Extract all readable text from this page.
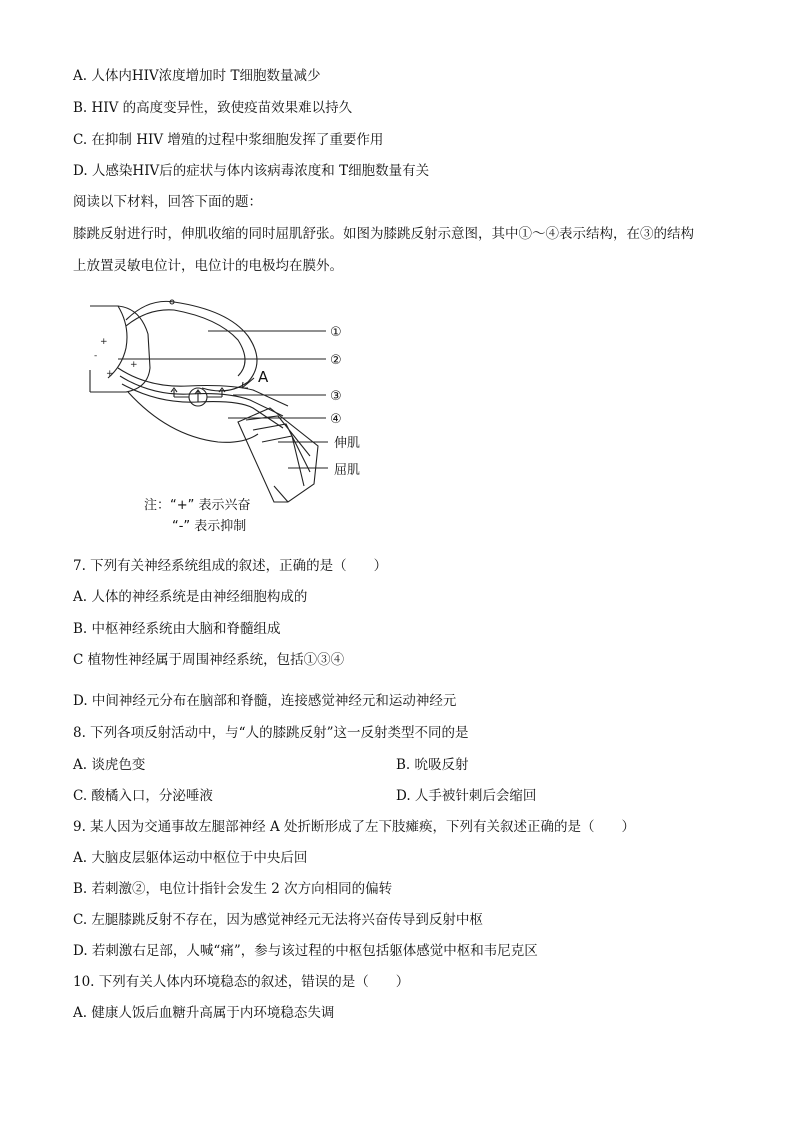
A. 人体内HIV浓度增加时 T细胞数量减少
B. HIV 的高度变异性，致使疫苗效果难以持久
C. 在抑制 HIV 增殖的过程中浆细胞发挥了重要作用
D. 人感染HIV后的症状与体内该病毒浓度和 T细胞数量有关
阅读以下材料，回答下面的题：
膝跳反射进行时，伸肌收缩的同时屈肌舒张。如图为膝跳反射示意图，其中①～④表示结构，在③的结构
上放置灵敏电位计，电位计的电极均在膜外。
+
+
+
-
①
②
③
④
伸肌
屈肌
A
注：“+” 表示兴奋
“-” 表示抑制
7. 下列有关神经系统组成的叙述，正确的是（　　）
A. 人体的神经系统是由神经细胞构成的
B. 中枢神经系统由大脑和脊髓组成
C 植物性神经属于周围神经系统，包括①③④
D. 中间神经元分布在脑部和脊髓，连接感觉神经元和运动神经元
8. 下列各项反射活动中，与“人的膝跳反射”这一反射类型不同的是
A. 谈虎色变	B. 吮吸反射
C. 酸橘入口，分泌唾液	D. 人手被针刺后会缩回
9. 某人因为交通事故左腿部神经 A 处折断形成了左下肢瘫痪，下列有关叙述正确的是（　　）
A. 大脑皮层躯体运动中枢位于中央后回
B. 若刺激②，电位计指针会发生 2 次方向相同的偏转
C. 左腿膝跳反射不存在，因为感觉神经元无法将兴奋传导到反射中枢
D. 若刺激右足部，人喊“痛”，参与该过程的中枢包括躯体感觉中枢和韦尼克区
10. 下列有关人体内环境稳态的叙述，错误的是（　　）
A. 健康人饭后血糖升高属于内环境稳态失调
